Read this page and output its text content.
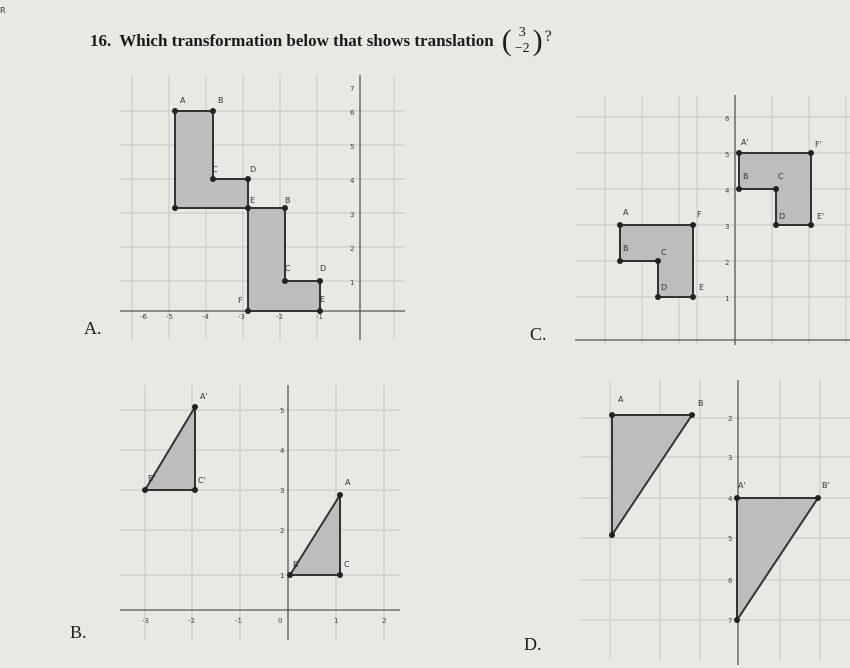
R
16. Which transformation below that shows translation ( 3
−2 ) ?
A.
A	B
C	D
E	B
C	D
E
F
-6	-5	-4	-3	-2	-1
7
6
5
4
3
2
1
C.
A'	F'
B	C
D	E'
A	F
B	C
D	E
6
5
4
3
2
1
B.
A'
B'	C'	A
B	C
-3	-2	-1	0	1	2
5
4
3
2
1
D.
A	B
A'	B'
2
3
4
5
6
7
